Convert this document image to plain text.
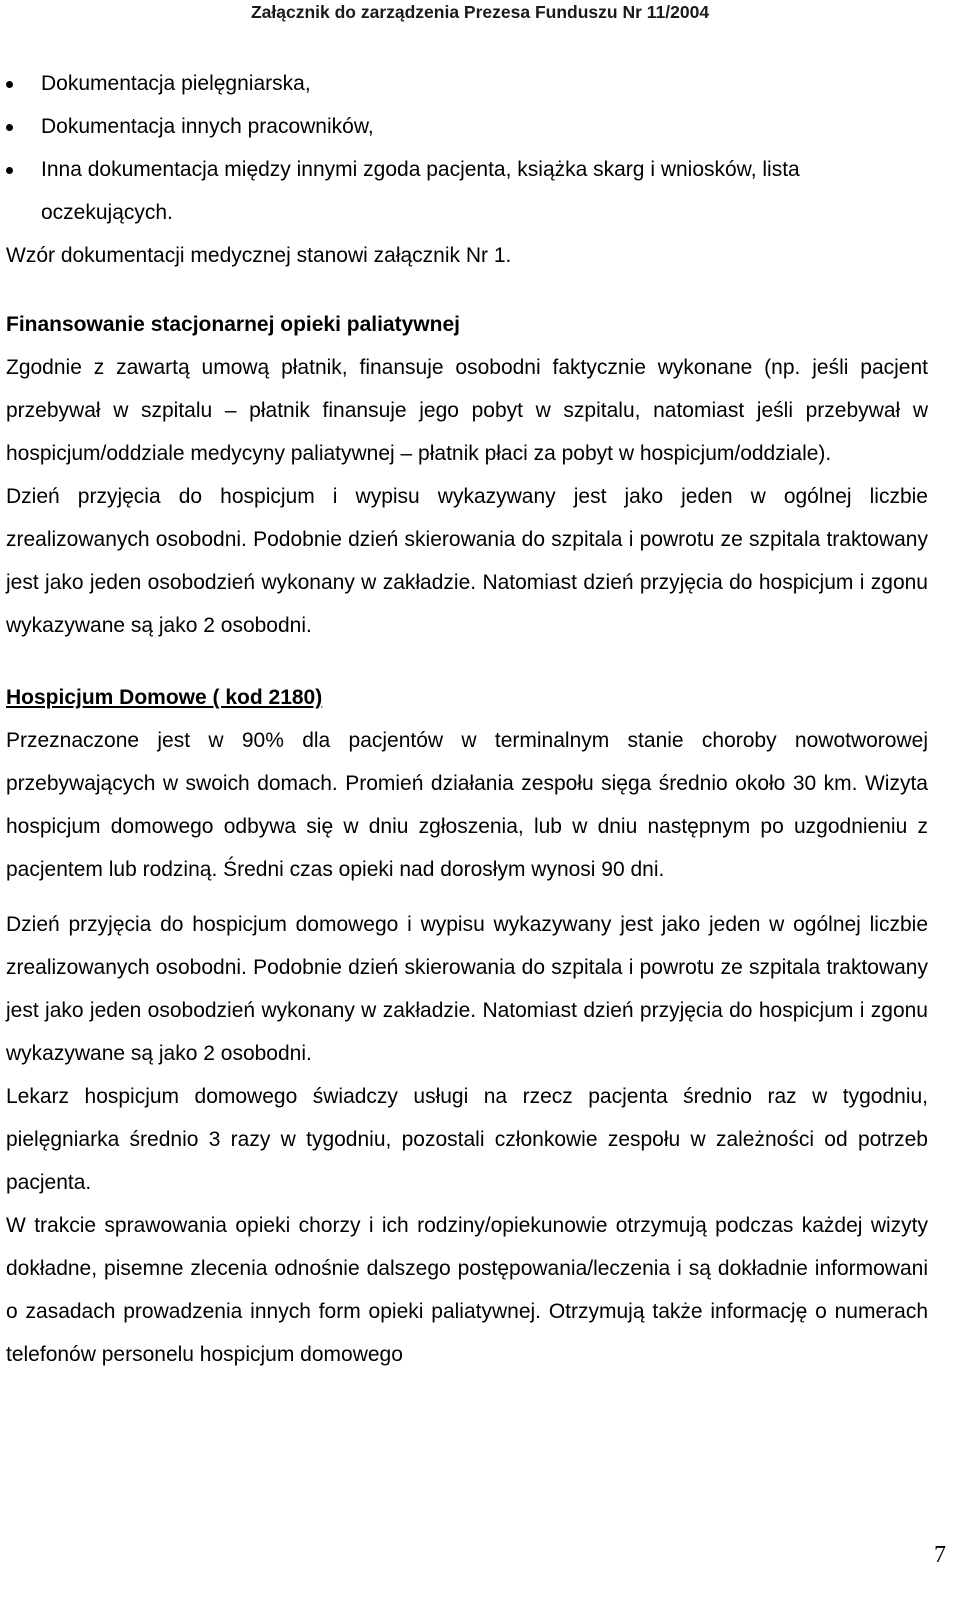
Załącznik do zarządzenia Prezesa Funduszu Nr 11/2004
Dokumentacja pielęgniarska,
Dokumentacja innych pracowników,
Inna dokumentacja między innymi zgoda pacjenta, książka skarg i wniosków, lista oczekujących.

Wzór dokumentacji medycznej stanowi załącznik Nr 1.

Finansowanie stacjonarnej opieki paliatywnej

Zgodnie z zawartą umową płatnik, finansuje osobodni faktycznie wykonane (np. jeśli pacjent przebywał w szpitalu – płatnik finansuje jego pobyt w szpitalu, natomiast jeśli przebywał w hospicjum/oddziale medycyny paliatywnej – płatnik płaci za pobyt w hospicjum/oddziale).

Dzień przyjęcia do hospicjum i wypisu wykazywany jest jako jeden w ogólnej liczbie zrealizowanych osobodni. Podobnie dzień skierowania do szpitala i powrotu ze szpitala traktowany jest jako jeden osobodzień wykonany w zakładzie. Natomiast dzień przyjęcia do hospicjum i zgonu wykazywane są jako 2 osobodni.

Hospicjum Domowe ( kod 2180)

Przeznaczone jest w 90% dla pacjentów w terminalnym stanie choroby nowotworowej przebywających w swoich domach. Promień działania zespołu sięga średnio około 30 km. Wizyta hospicjum domowego odbywa się w dniu zgłoszenia, lub w dniu następnym po uzgodnieniu z pacjentem lub rodziną. Średni czas opieki nad dorosłym wynosi 90 dni.

Dzień przyjęcia do hospicjum domowego i wypisu wykazywany jest jako jeden w ogólnej liczbie zrealizowanych osobodni. Podobnie dzień skierowania do szpitala i powrotu ze szpitala traktowany jest jako jeden osobodzień wykonany w zakładzie. Natomiast dzień przyjęcia do hospicjum i zgonu wykazywane są jako 2 osobodni.

Lekarz hospicjum domowego świadczy usługi na rzecz pacjenta średnio raz w tygodniu, pielęgniarka średnio 3 razy w tygodniu, pozostali członkowie zespołu w zależności od potrzeb pacjenta.

W trakcie sprawowania opieki chorzy i ich rodziny/opiekunowie otrzymują podczas każdej wizyty dokładne, pisemne zlecenia odnośnie dalszego postępowania/leczenia i są dokładnie informowani o zasadach prowadzenia innych form opieki paliatywnej. Otrzymują także informację o numerach telefonów personelu hospicjum domowego

7
